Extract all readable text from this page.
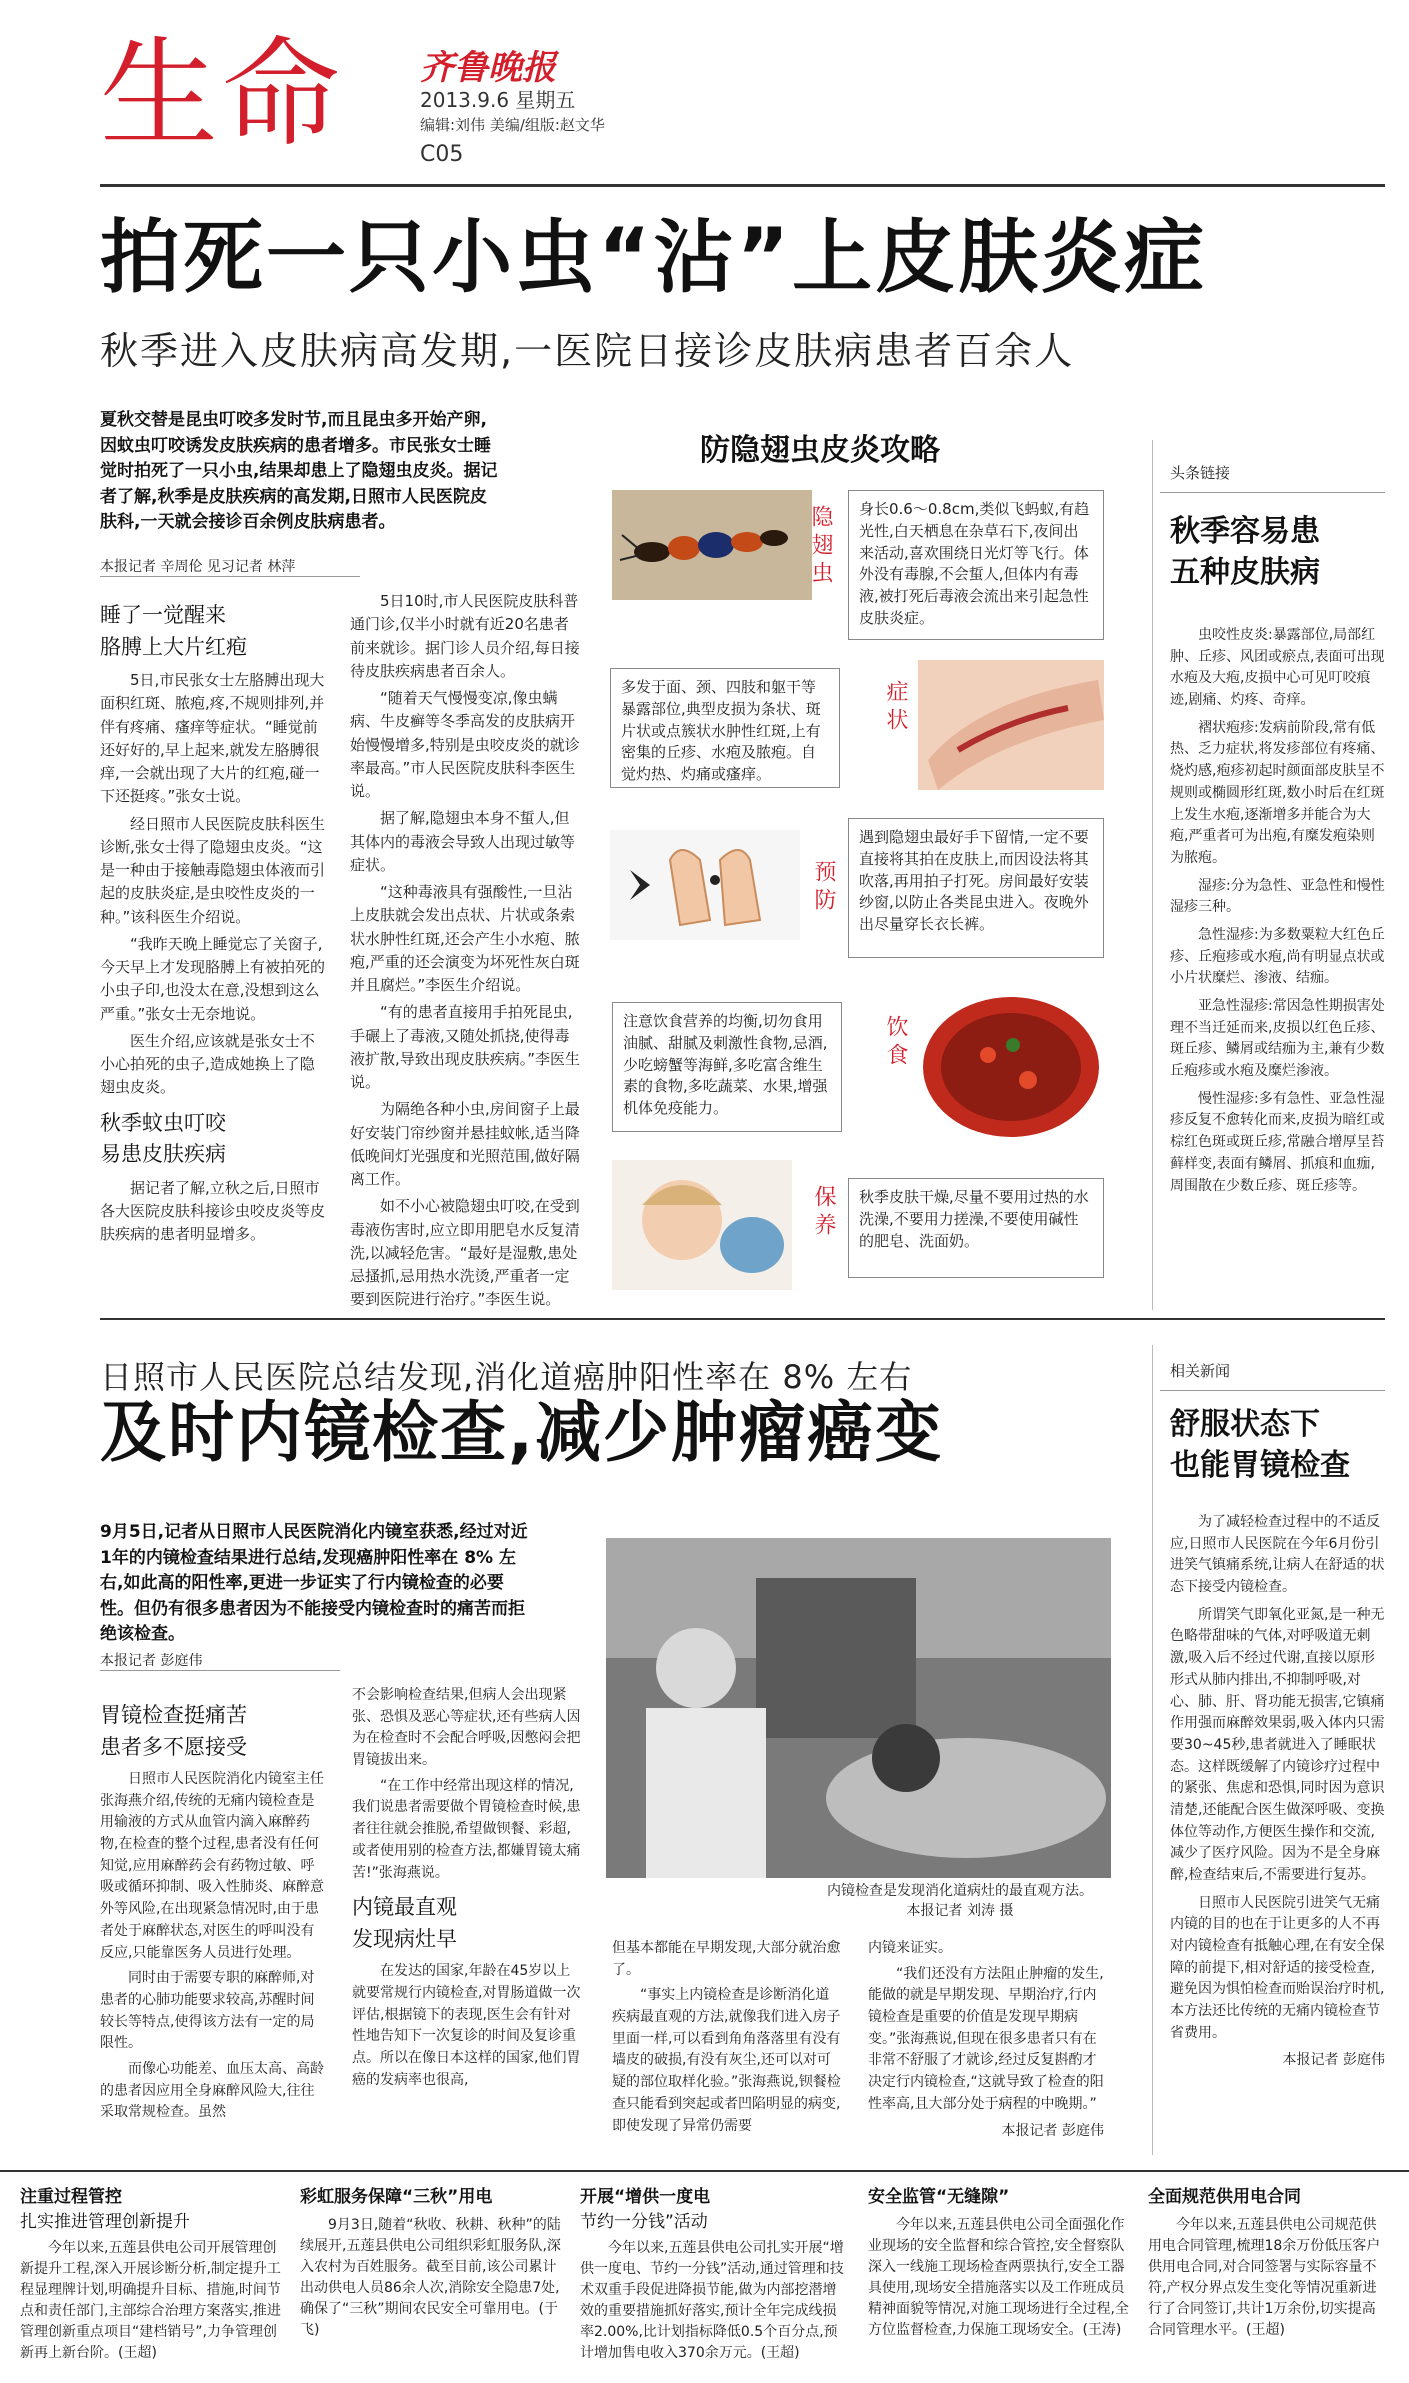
生命 齐鲁晚报
2013.9.6 星期五
编辑:刘伟 美编/组版:赵文华
C05
拍死一只小虫“沾”上皮肤炎症
秋季进入皮肤病高发期,一医院日接诊皮肤病患者百余人
夏秋交替是昆虫叮咬多发时节,而且昆虫多开始产卵,因蚊虫叮咬诱发皮肤疾病的患者增多。市民张女士睡觉时拍死了一只小虫,结果却患上了隐翅虫皮炎。据记者了解,秋季是皮肤疾病的高发期,日照市人民医院皮肤科,一天就会接诊百余例皮肤病患者。
本报记者 辛周伦 见习记者 林萍
睡了一觉醒来
胳膊上大片红疱

5日,市民张女士左胳膊出现大面积红斑、脓疱,疼,不规则排列,并伴有疼痛、瘙痒等症状。“睡觉前还好好的,早上起来,就发左胳膊很痒,一会就出现了大片的红疱,碰一下还挺疼。”张女士说。

经日照市人民医院皮肤科医生诊断,张女士得了隐翅虫皮炎。“这是一种由于接触毒隐翅虫体液而引起的皮肤炎症,是虫咬性皮炎的一种。”该科医生介绍说。

“我昨天晚上睡觉忘了关窗子,今天早上才发现胳膊上有被拍死的小虫子印,也没太在意,没想到这么严重。”张女士无奈地说。

医生介绍,应该就是张女士不小心拍死的虫子,造成她换上了隐翅虫皮炎。

秋季蚊虫叮咬
易患皮肤疾病

据记者了解,立秋之后,日照市各大医院皮肤科接诊虫咬皮炎等皮肤疾病的患者明显增多。

5日10时,市人民医院皮肤科普通门诊,仅半小时就有近20名患者前来就诊。据门诊人员介绍,每日接待皮肤疾病患者百余人。

“随着天气慢慢变凉,像虫螨病、牛皮癣等冬季高发的皮肤病开始慢慢增多,特别是虫咬皮炎的就诊率最高。”市人民医院皮肤科李医生说。

据了解,隐翅虫本身不蜇人,但其体内的毒液会导致人出现过敏等症状。

“这种毒液具有强酸性,一旦沾上皮肤就会发出点状、片状或条索状水肿性红斑,还会产生小水疱、脓疱,严重的还会演变为坏死性灰白斑并且腐烂。”李医生介绍说。

“有的患者直接用手拍死昆虫,手碾上了毒液,又随处抓挠,使得毒液扩散,导致出现皮肤疾病。”李医生说。

为隔绝各种小虫,房间窗子上最好安装门帘纱窗并悬挂蚊帐,适当降低晚间灯光强度和光照范围,做好隔离工作。

如不小心被隐翅虫叮咬,在受到毒液伤害时,应立即用肥皂水反复清洗,以减轻危害。“最好是湿敷,患处忌搔抓,忌用热水洗烫,严重者一定要到医院进行治疗。”李医生说。

防隐翅虫皮炎攻略
隐翅虫	身长0.6～0.8cm,类似飞蚂蚁,有趋光性,白天栖息在杂草石下,夜间出来活动,喜欢围绕日光灯等飞行。体外没有毒腺,不会蜇人,但体内有毒液,被打死后毒液会流出来引起急性皮肤炎症。
多发于面、颈、四肢和躯干等暴露部位,典型皮损为条状、斑片状或点簇状水肿性红斑,上有密集的丘疹、水疱及脓疱。自觉灼热、灼痛或瘙痒。
症状
预防
遇到隐翅虫最好手下留情,一定不要直接将其拍在皮肤上,而因设法将其吹落,再用拍子打死。房间最好安装纱窗,以防止各类昆虫进入。夜晚外出尽量穿长衣长裤。
注意饮食营养的均衡,切勿食用油腻、甜腻及刺激性食物,忌酒,少吃螃蟹等海鲜,多吃富含维生素的食物,多吃蔬菜、水果,增强机体免疫能力。
饮食
保养	秋季皮肤干燥,尽量不要用过热的水洗澡,不要用力搓澡,不要使用碱性的肥皂、洗面奶。
头条链接
秋季容易患
五种皮肤病

虫咬性皮炎:暴露部位,局部红肿、丘疹、风团或瘀点,表面可出现水疱及大疱,皮损中心可见叮咬痕迹,剧痛、灼疼、奇痒。

褶状疱疹:发病前阶段,常有低热、乏力症状,将发疹部位有疼痛、烧灼感,疱疹初起时颜面部皮肤呈不规则或椭圆形红斑,数小时后在红斑上发生水疱,逐渐增多并能合为大疱,严重者可为出疱,有糜发疱染则为脓疱。

湿疹:分为急性、亚急性和慢性湿疹三种。

急性湿疹:为多数粟粒大红色丘疹、丘疱疹或水疱,尚有明显点状或小片状糜烂、渗液、结痂。

亚急性湿疹:常因急性期损害处理不当迁延而来,皮损以红色丘疹、斑丘疹、鳞屑或结痂为主,兼有少数丘疱疹或水疱及糜烂渗液。

慢性湿疹:多有急性、亚急性湿疹反复不愈转化而来,皮损为暗红或棕红色斑或斑丘疹,常融合增厚呈苔藓样变,表面有鳞屑、抓痕和血痂,周围散在少数丘疹、斑丘疹等。

日照市人民医院总结发现,消化道癌肿阳性率在 8% 左右
及时内镜检查,减少肿瘤癌变
9月5日,记者从日照市人民医院消化内镜室获悉,经过对近1年的内镜检查结果进行总结,发现癌肿阳性率在 8% 左右,如此高的阳性率,更进一步证实了行内镜检查的必要性。但仍有很多患者因为不能接受内镜检查时的痛苦而拒绝该检查。
本报记者 彭庭伟
胃镜检查挺痛苦
患者多不愿接受

日照市人民医院消化内镜室主任张海燕介绍,传统的无痛内镜检查是用输液的方式从血管内滴入麻醉药物,在检查的整个过程,患者没有任何知觉,应用麻醉药会有药物过敏、呼吸或循环抑制、吸入性肺炎、麻醉意外等风险,在出现紧急情况时,由于患者处于麻醉状态,对医生的呼叫没有反应,只能靠医务人员进行处理。

同时由于需要专职的麻醉师,对患者的心肺功能要求较高,苏醒时间较长等特点,使得该方法有一定的局限性。

而像心功能差、血压太高、高龄的患者因应用全身麻醉风险大,往往采取常规检查。虽然

不会影响检查结果,但病人会出现紧张、恐惧及恶心等症状,还有些病人因为在检查时不会配合呼吸,因憋闷会把胃镜拔出来。

“在工作中经常出现这样的情况,我们说患者需要做个胃镜检查时候,患者往往就会推脱,希望做钡餐、彩超,或者使用别的检查方法,都嫌胃镜太痛苦!”张海燕说。

内镜最直观
发现病灶早

在发达的国家,年龄在45岁以上就要常规行内镜检查,对胃肠道做一次评估,根据镜下的表现,医生会有针对性地告知下一次复诊的时间及复诊重点。所以在像日本这样的国家,他们胃癌的发病率也很高,

内镜检查是发现消化道病灶的最直观方法。
本报记者 刘涛 摄

但基本都能在早期发现,大部分就治愈了。

“事实上内镜检查是诊断消化道疾病最直观的方法,就像我们进入房子里面一样,可以看到角角落落里有没有墙皮的破损,有没有灰尘,还可以对可疑的部位取样化验。”张海燕说,钡餐检查只能看到突起或者凹陷明显的病变,即使发现了异常仍需要

内镜来证实。

“我们还没有方法阻止肿瘤的发生,能做的就是早期发现、早期治疗,行内镜检查是重要的价值是发现早期病变。”张海燕说,但现在很多患者只有在非常不舒服了才就诊,经过反复斟酌才决定行内镜检查,“这就导致了检查的阳性率高,且大部分处于病程的中晚期。”

本报记者 彭庭伟
相关新闻
舒服状态下
也能胃镜检查

为了减轻检查过程中的不适反应,日照市人民医院在今年6月份引进笑气镇痛系统,让病人在舒适的状态下接受内镜检查。

所谓笑气即氧化亚氮,是一种无色略带甜味的气体,对呼吸道无刺激,吸入后不经过代谢,直接以原形形式从肺内排出,不抑制呼吸,对心、肺、肝、肾功能无损害,它镇痛作用强而麻醉效果弱,吸入体内只需要30~45秒,患者就进入了睡眠状态。这样既缓解了内镜诊疗过程中的紧张、焦虑和恐惧,同时因为意识清楚,还能配合医生做深呼吸、变换体位等动作,方便医生操作和交流,减少了医疗风险。因为不是全身麻醉,检查结束后,不需要进行复苏。

日照市人民医院引进笑气无痛内镜的目的也在于让更多的人不再对内镜检查有抵触心理,在有安全保障的前提下,相对舒适的接受检查,避免因为惧怕检查而贻误治疗时机,本方法还比传统的无痛内镜检查节省费用。

本报记者 彭庭伟
注重过程管控
扎实推进管理创新提升

今年以来,五莲县供电公司开展管理创新提升工程,深入开展诊断分析,制定提升工程显理牌计划,明确提升目标、措施,时间节点和责任部门,主部综合治理方案落实,推进管理创新重点项目“建档销号”,力争管理创新再上新台阶。(王超)

彩虹服务保障“三秋”用电

9月3日,随着“秋收、秋耕、秋种”的陆续展开,五莲县供电公司组织彩虹服务队,深入农村为百姓服务。截至目前,该公司累计出动供电人员86余人次,消除安全隐患7处,确保了“三秋”期间农民安全可靠用电。(于飞)

开展“增供一度电
节约一分钱”活动

今年以来,五莲县供电公司扎实开展“增供一度电、节约一分钱”活动,通过管理和技术双重手段促进降损节能,做为内部挖潜增效的重要措施抓好落实,预计全年完成线损率2.00%,比计划指标降低0.5个百分点,预计增加售电收入370余万元。(王超)

安全监管“无缝隙”

今年以来,五莲县供电公司全面强化作业现场的安全监督和综合管控,安全督察队深入一线施工现场检查两票执行,安全工器具使用,现场安全措施落实以及工作班成员精神面貌等情况,对施工现场进行全过程,全方位监督检查,力保施工现场安全。(王涛)

全面规范供用电合同

今年以来,五莲县供电公司规范供用电合同管理,梳理18余万份低压客户供用电合同,对合同签署与实际容量不符,产权分界点发生变化等情况重新进行了合同签订,共计1万余份,切实提高合同管理水平。(王超)
